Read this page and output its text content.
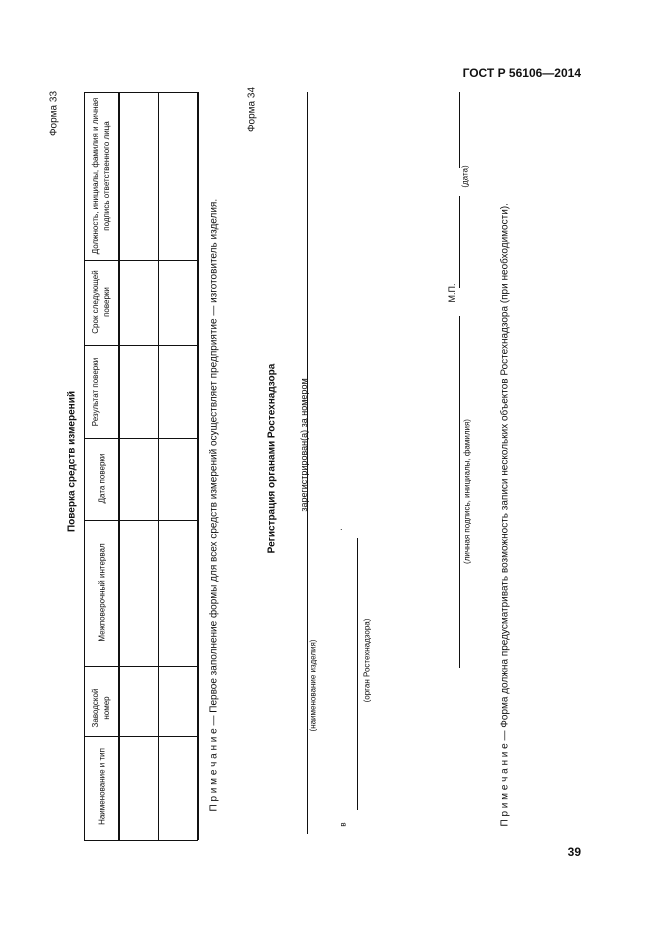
ГОСТ Р 56106—2014
39
Форма 33
Поверка средств измерений
Наименование и тип
Заводской номер
Межповерочный интервал
Дата поверки
Результат поверки
Срок следующей поверки
Должность, инициалы, фамилия и личная подпись ответственного лица
П р и м е ч а н и е — Первое заполнение формы для всех средств измерений осуществляет предприятие — изготовитель изделия.
Форма 34
Регистрация органами Ростехнадзора зарегистрирован(а) за номером
(наименование изделия)
.
в
(орган Ростехнадзора)
(дата)
М.П.
(личная подпись, инициалы, фамилия)	П р и м е ч а н и е — Форма должна предусматривать возможность записи нескольких объектов Ростехнадзора (при необходимости).
